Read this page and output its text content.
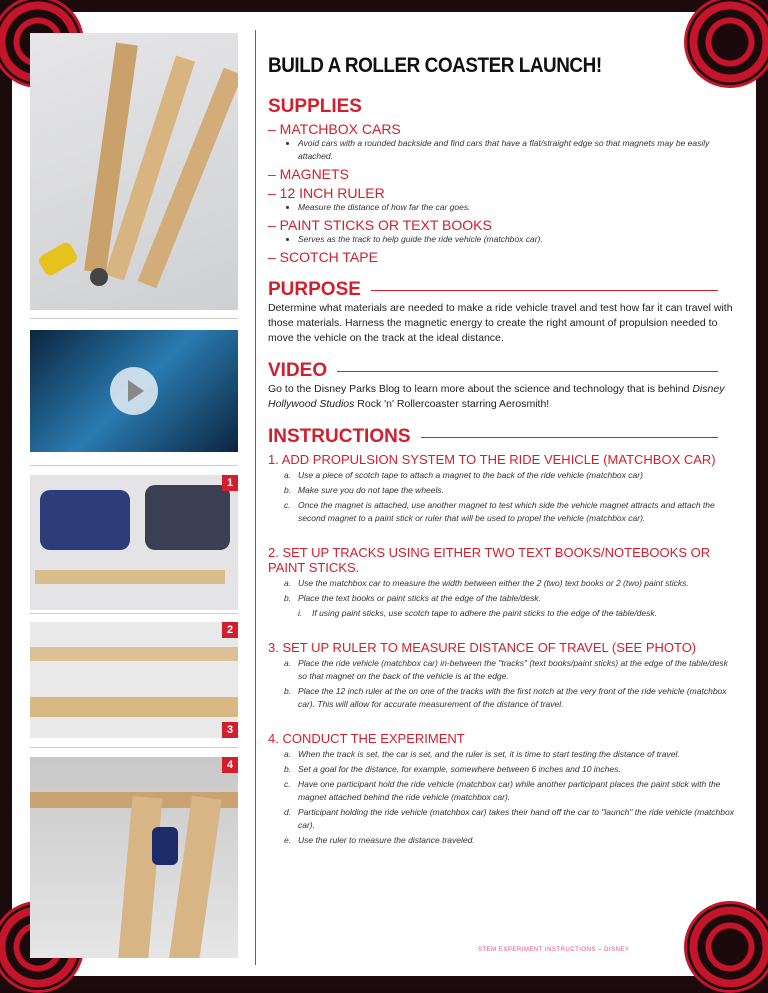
1
2
3
4
BUILD A ROLLER COASTER LAUNCH!
SUPPLIES
– MATCHBOX CARS
• Avoid cars with a rounded backside and find cars that have a flat/straight edge so that magnets may be easily attached.
– MAGNETS
– 12 INCH RULER
• Measure the distance of how far the car goes.
– PAINT STICKS OR TEXT BOOKS
• Serves as the track to help guide the ride vehicle (matchbox car).
– SCOTCH TAPE
PURPOSE

Determine what materials are needed to make a ride vehicle travel and test how far it can travel with those materials. Harness the magnetic energy to create the right amount of propulsion needed to move the vehicle on the track at the ideal distance.

VIDEO

Go to the Disney Parks Blog to learn more about the science and technology that is behind Disney Hollywood Studios Rock 'n' Rollercoaster starring Aerosmith!

INSTRUCTIONS
1. ADD PROPULSION SYSTEM TO THE RIDE VEHICLE (MATCHBOX CAR)
a. Use a piece of scotch tape to attach a magnet to the back of the ride vehicle (matchbox car)
b. Make sure you do not tape the wheels.
c. Once the magnet is attached, use another magnet to test which side the vehicle magnet attracts and attach the second magnet to a paint stick or ruler that will be used to propel the vehicle (matchbox car).
2. SET UP TRACKS USING EITHER TWO TEXT BOOKS/NOTEBOOKS OR PAINT STICKS.
a. Use the matchbox car to measure the width between either the 2 (two) text books or 2 (two) paint sticks.
b. Place the text books or paint sticks at the edge of the table/desk.
i.	If using paint sticks, use scotch tape to adhere the paint sticks to the edge of the table/desk.
3. SET UP RULER TO MEASURE DISTANCE OF TRAVEL (SEE PHOTO)
a. Place the ride vehicle (matchbox car) in-between the "tracks" (text books/paint sticks) at the edge of the table/desk so that magnet on the back of the vehicle is at the edge.
b. Place the 12 inch ruler at the on one of the tracks with the first notch at the very front of the ride vehicle (matchbox car). This will allow for accurate measurement of the distance of travel.
4. CONDUCT THE EXPERIMENT
a. When the track is set, the car is set, and the ruler is set, it is time to start testing the distance of travel.
b. Set a goal for the distance, for example, somewhere between 6 inches and 10 inches.
c. Have one participant hold the ride vehicle (matchbox car) while another participant places the paint stick with the magnet attached behind the ride vehicle (matchbox car).
d. Participant holding the ride vehicle (matchbox car) takes their hand off the car to "launch" the ride vehicle (matchbox car).
e. Use the ruler to measure the distance traveled.
STEM EXPERIMENT INSTRUCTIONS – DISNEY
